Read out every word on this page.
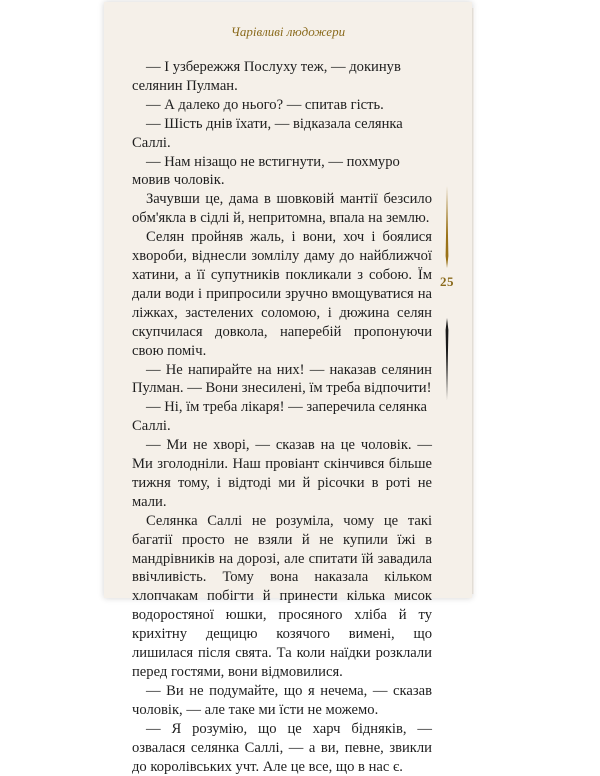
Чарівливі людожери

— І узбережжя Послуху теж, — докинув селянин Пулман.

— А далеко до нього? — спитав гість.

— Шість днів їхати, — відказала селянка Саллі.

— Нам нізащо не встигнути, — похмуро мовив чоловік.

Зачувши це, дама в шовковій мантії безсило обм'якла в сідлі й, непритомна, впала на землю.

Селян пройняв жаль, і вони, хоч і боялися хвороби, віднесли зомлілу даму до найближчої хатини, а її супутників покликали з собою. Їм дали води і припросили зручно вмощуватися на ліжках, застелених соломою, і дюжина селян скупчилася довкола, наперебій пропонуючи свою поміч.

— Не напирайте на них! — наказав селянин Пулман. — Вони знесилені, їм треба відпочити!

— Ні, їм треба лікаря! — заперечила селянка Саллі.

— Ми не хворі, — сказав на це чоловік. — Ми зголодніли. Наш провіант скінчився більше тижня тому, і відтоді ми й рісочки в роті не мали.

Селянка Саллі не розуміла, чому це такі багатії просто не взяли й не купили їжі в мандрівників на дорозі, але спитати їй завадила ввічливість. Тому вона наказала кільком хлопчакам побігти й принести кілька мисок водоростяної юшки, просяного хліба й ту крихітну дещицю козячого вимені, що лишилася після свята. Та коли наїдки розклали перед гостями, вони відмовилися.

— Ви не подумайте, що я нечема, — сказав чоловік, — але таке ми їсти не можемо.

— Я розумію, що це харч бідняків, — озвалася селянка Саллі, — а ви, певне, звикли до королівських учт. Але це все, що в нас є.

25
